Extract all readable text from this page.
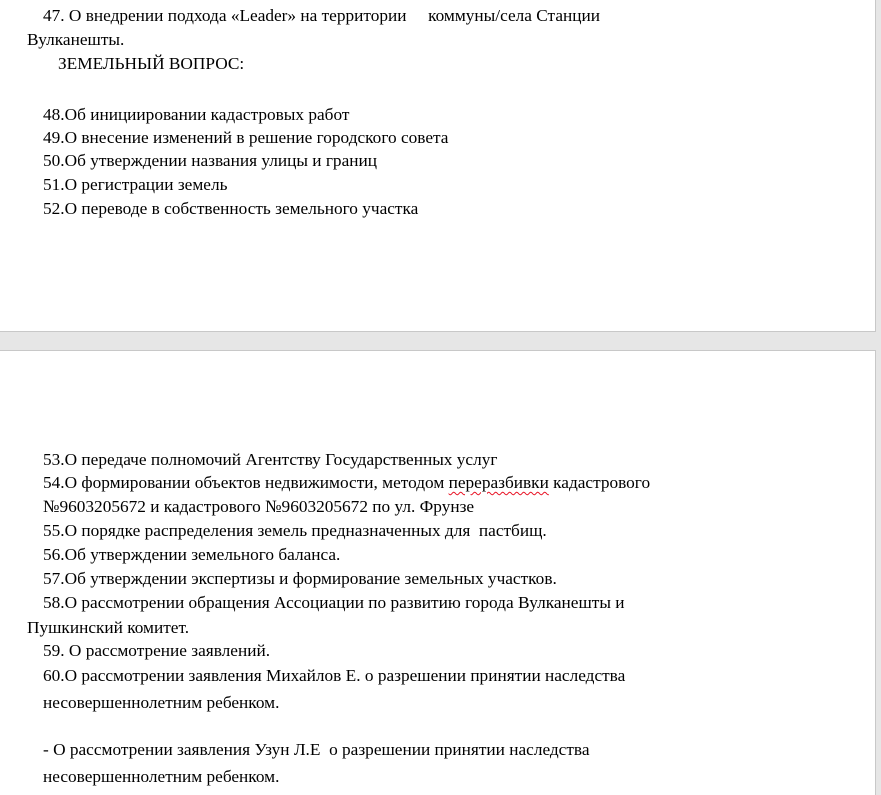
47. О внедрении подхода «Leader» на территории     коммуны/села Станции
Вулканешты.
ЗЕМЕЛЬНЫЙ ВОПРОС:
48.Об инициировании кадастровых работ
49.О внесение изменений в решение городского совета
50.Об утверждении названия улицы и границ
51.О регистрации земель
52.О переводе в собственность земельного участка
53.О передаче полномочий Агентству Государственных услуг
54.О формировании объектов недвижимости, методом переразбивки кадастрового
№9603205672 и кадастрового №9603205672 по ул. Фрунзе
55.О порядке распределения земель предназначенных для  пастбищ.
56.Об утверждении земельного баланса.
57.Об утверждении экспертизы и формирование земельных участков.
58.О рассмотрении обращения Ассоциации по развитию города Вулканешты и
Пушкинский комитет.
59. О рассмотрение заявлений.
60.О рассмотрении заявления Михайлов Е. о разрешении принятии наследства
несовершеннолетним ребенком.
- О рассмотрении заявления Узун Л.Е  о разрешении принятии наследства
несовершеннолетним ребенком.
